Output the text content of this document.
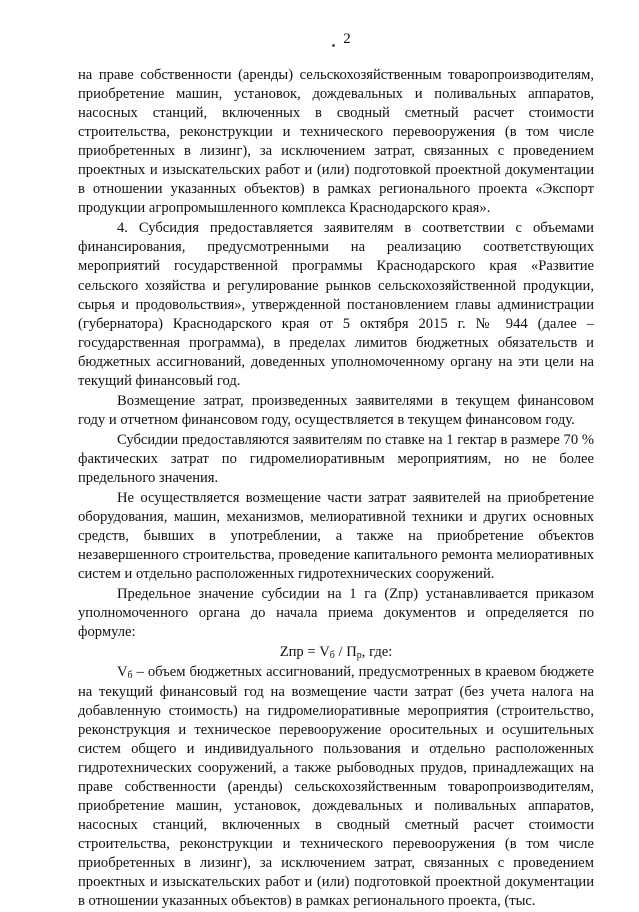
2

на праве собственности (аренды) сельскохозяйственным товаропроизводителям, приобретение машин, установок, дождевальных и поливальных аппаратов, насосных станций, включенных в сводный сметный расчет стоимости строительства, реконструкции и технического перевооружения (в том числе приобретенных в лизинг), за исключением затрат, связанных с проведением проектных и изыскательских работ и (или) подготовкой проектной документации в отношении указанных объектов) в рамках регионального проекта «Экспорт продукции агропромышленного комплекса Краснодарского края».

4. Субсидия предоставляется заявителям в соответствии с объемами финансирования, предусмотренными на реализацию соответствующих мероприятий государственной программы Краснодарского края «Развитие сельского хозяйства и регулирование рынков сельскохозяйственной продукции, сырья и продовольствия», утвержденной постановлением главы администрации (губернатора) Краснодарского края от 5 октября 2015 г. № 944 (далее – государственная программа), в пределах лимитов бюджетных обязательств и бюджетных ассигнований, доведенных уполномоченному органу на эти цели на текущий финансовый год.

Возмещение затрат, произведенных заявителями в текущем финансовом году и отчетном финансовом году, осуществляется в текущем финансовом году.

Субсидии предоставляются заявителям по ставке на 1 гектар в размере 70 % фактических затрат по гидромелиоративным мероприятиям, но не более предельного значения.

Не осуществляется возмещение части затрат заявителей на приобретение оборудования, машин, механизмов, мелиоративной техники и других основных средств, бывших в употреблении, а также на приобретение объектов незавершенного строительства, проведение капитального ремонта мелиоративных систем и отдельно расположенных гидротехнических сооружений.

Предельное значение субсидии на 1 га (Zпр) устанавливается приказом уполномоченного органа до начала приема документов и определяется по формуле:

Zпр = $V_б / П_р$, где:

$V_б$ – объем бюджетных ассигнований, предусмотренных в краевом бюджете на текущий финансовый год на возмещение части затрат (без учета налога на добавленную стоимость) на гидромелиоративные мероприятия (строительство, реконструкция и техническое перевооружение оросительных и осушительных систем общего и индивидуального пользования и отдельно расположенных гидротехнических сооружений, а также рыбоводных прудов, принадлежащих на праве собственности (аренды) сельскохозяйственным товаропроизводителям, приобретение машин, установок, дождевальных и поливальных аппаратов, насосных станций, включенных в сводный сметный расчет стоимости строительства, реконструкции и технического перевооружения (в том числе приобретенных в лизинг), за исключением затрат, связанных с проведением проектных и изыскательских работ и (или) подготовкой проектной документации в отношении указанных объектов) в рамках регионального проекта, (тыс.
